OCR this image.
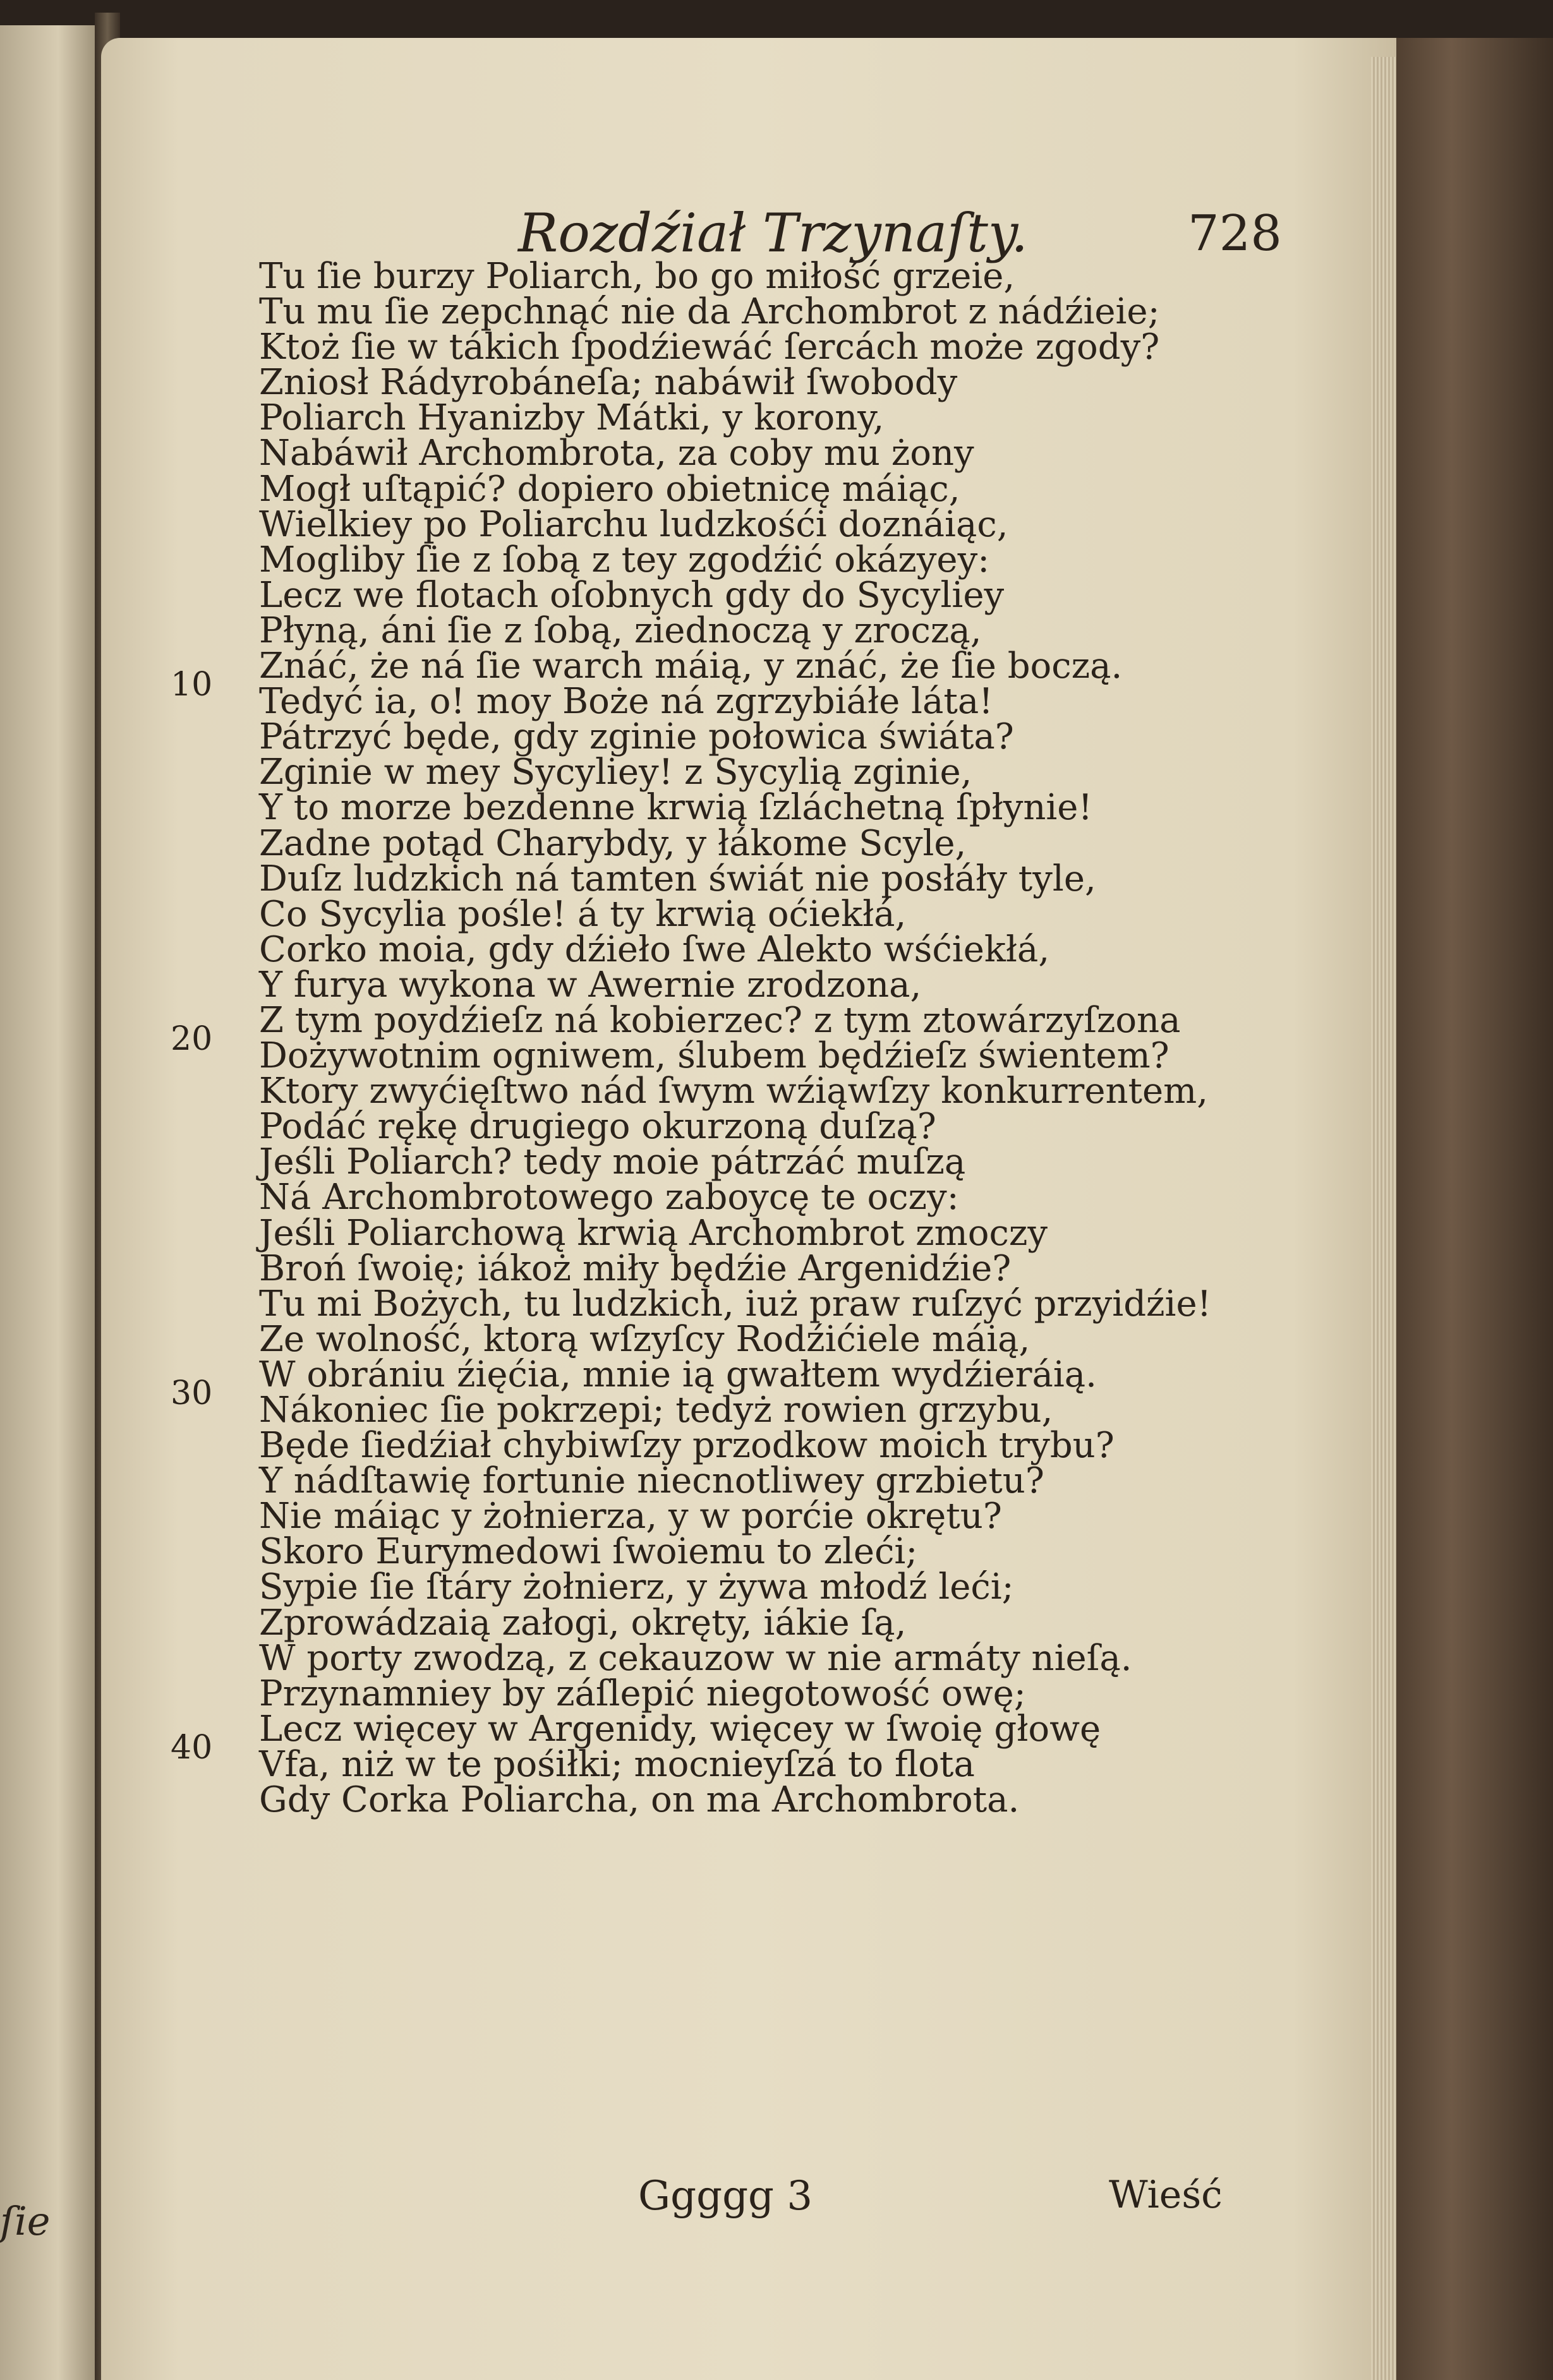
ſie
Rozdźiał Trzynaſty.	728
10
20
30
40
Tu ſie burzy Poliarch, bo go miłość grzeie,
Tu mu ſie zepchnąć nie da Archombrot z nádźieie;
Ktoż ſie w tákich ſpodźiewáć ſercách może zgody?
Zniosł Rádyrobáneſa; nabáwił ſwobody
Poliarch Hyanizby Mátki, y korony,
Nabáwił Archombrota, za coby mu żony
Mogł uſtąpić? dopiero obietnicę máiąc,
Wielkiey po Poliarchu ludzkośći doznáiąc,
Mogliby ſie z ſobą z tey zgodźić okázyey:
Lecz we flotach oſobnych gdy do Sycyliey
Płyną, áni ſie z ſobą, ziednoczą y zroczą,
Znáć, że ná ſie warch máią, y znáć, że ſie boczą.
Tedyć ia, o! moy Boże ná zgrzybiáłe láta!
Pátrzyć będe, gdy zginie połowica świáta?
Zginie w mey Sycyliey! z Sycylią zginie,
Y to morze bezdenne krwią ſzláchetną ſpłynie!
Zadne potąd Charybdy, y łákome Scyle,
Duſz ludzkich ná tamten świát nie posłáły tyle,
Co Sycylia pośle! á ty krwią oćiekłá,
Corko moia, gdy dźieło ſwe Alekto wśćiekłá,
Y furya wykona w Awernie zrodzona,
Z tym poydźieſz ná kobierzec? z tym ztowárzyſzona
Dożywotnim ogniwem, ślubem będźieſz świentem?
Ktory zwyćięſtwo nád ſwym wźiąwſzy konkurrentem,
Podáć rękę drugiego okurzoną duſzą?
Jeśli Poliarch? tedy moie pátrzáć muſzą
Ná Archombrotowego zaboycę te oczy:
Jeśli Poliarchową krwią Archombrot zmoczy
Broń ſwoię; iákoż miły będźie Argenidźie?
Tu mi Bożych, tu ludzkich, iuż praw ruſzyć przyidźie!
Ze wolność, ktorą wſzyſcy Rodźićiele máią,
W obrániu źięćia, mnie ią gwałtem wydźieráią.
Nákoniec ſie pokrzepi; tedyż rowien grzybu,
Będe ſiedźiał chybiwſzy przodkow moich trybu?
Y nádſtawię fortunie niecnotliwey grzbietu?
Nie máiąc y żołnierza, y w porćie okrętu?
Skoro Eurymedowi ſwoiemu to zleći;
Sypie ſie ſtáry żołnierz, y żywa młodź leći;
Zprowádzaią załogi, okręty, iákie ſą,
W porty zwodzą, z cekauzow w nie armáty nieſą.
Przynamniey by záſlepić niegotowość owę;
Lecz więcey w Argenidy, więcey w ſwoię głowę
Vfa, niż w te pośiłki; mocnieyſzá to flota
Gdy Corka Poliarcha, on ma Archombrota.
Ggggg 3	Wieść
